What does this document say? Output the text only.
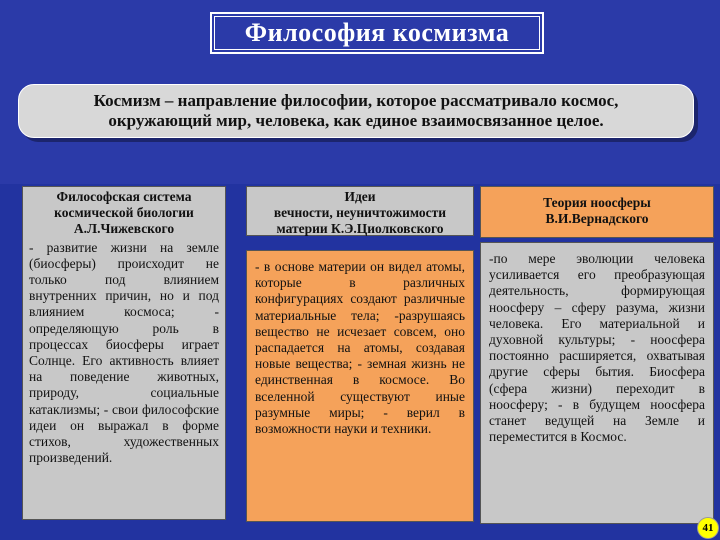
Философия космизма
Космизм – направление философии, которое рассматривало космос,
окружающий мир, человека, как единое взаимосвязанное целое.
Философская система
космической биологии
А.Л.Чижевского
- развитие жизни на земле (биосферы) происходит не только под влиянием внутренних причин, но и под влиянием космоса; - определяющую роль в процессах биосферы играет Солнце. Его активность влияет на поведение животных, природу, социальные катаклизмы; - свои философские идеи он выражал в форме стихов, художественных произведений.
Идеи
вечности, неуничтожимости
материи К.Э.Циолковского
- в основе материи он видел атомы, которые в различных конфигурациях создают различные материальные тела; -разрушаясь вещество не исчезает совсем, оно распадается на атомы, создавая новые вещества; - земная жизнь не единственная в космосе. Во вселенной существуют иные разумные миры; - верил в возможности науки и техники.
Теория ноосферы
В.И.Вернадского
-по мере эволюции человека усиливается его преобразующая деятельность, формирующая ноосферу – сферу разума, жизни человека. Его материальной и духовной культуры; - ноосфера постоянно расширяется, охватывая другие сферы бытия. Биосфера (сфера жизни) переходит в ноосферу; - в будущем ноосфера станет ведущей на Земле и переместится в Космос.
41
